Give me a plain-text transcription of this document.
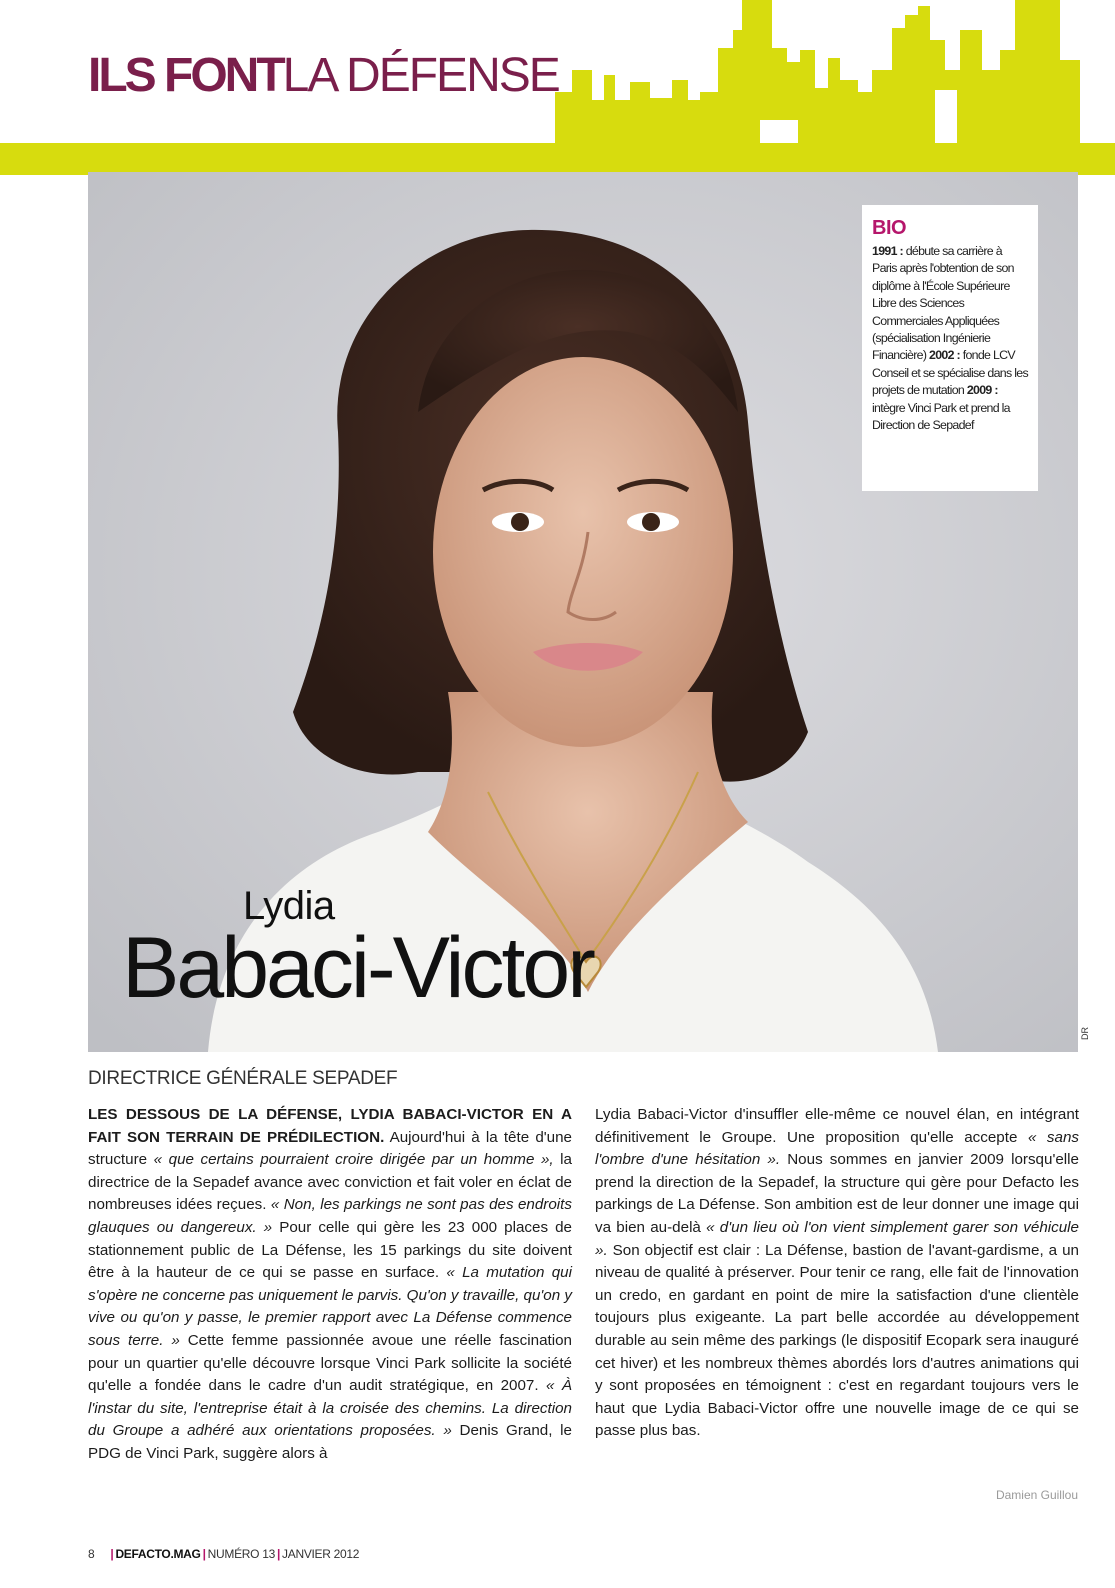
ILS FONTLA DÉFENSE
DR
BIO
1991 : débute sa carrière à Paris après l'obtention de son diplôme à l'École Supérieure Libre des Sciences Commerciales Appliquées (spécialisation Ingénierie Financière) 2002 : fonde LCV Conseil et se spécialise dans les projets de mutation 2009 : intègre Vinci Park et prend la Direction de Sepadef
Lydia
Babaci-Victor
DIRECTRICE GÉNÉRALE SEPADEF

LES DESSOUS DE LA DÉFENSE, LYDIA BABACI-VICTOR EN A FAIT SON TERRAIN DE PRÉDILECTION. Aujourd'hui à la tête d'une structure « que certains pourraient croire dirigée par un homme », la directrice de la Sepadef avance avec conviction et fait voler en éclat de nombreuses idées reçues. « Non, les parkings ne sont pas des endroits glauques ou dangereux. » Pour celle qui gère les 23 000 places de stationnement public de La Défense, les 15 parkings du site doivent être à la hauteur de ce qui se passe en surface. « La mutation qui s'opère ne concerne pas uniquement le parvis. Qu'on y travaille, qu'on y vive ou qu'on y passe, le premier rapport avec La Défense commence sous terre. » Cette femme passionnée avoue une réelle fascination pour un quartier qu'elle découvre lorsque Vinci Park sollicite la société qu'elle a fondée dans le cadre d'un audit stratégique, en 2007. « À l'instar du site, l'entreprise était à la croisée des chemins. La direction du Groupe a adhéré aux orientations proposées. » Denis Grand, le PDG de Vinci Park, suggère alors à

Lydia Babaci-Victor d'insuffler elle-même ce nouvel élan, en intégrant définitivement le Groupe. Une proposition qu'elle accepte « sans l'ombre d'une hésitation ». Nous sommes en janvier 2009 lorsqu'elle prend la direction de la Sepadef, la structure qui gère pour Defacto les parkings de La Défense. Son ambition est de leur donner une image qui va bien au-delà « d'un lieu où l'on vient simplement garer son véhicule ». Son objectif est clair : La Défense, bastion de l'avant-gardisme, a un niveau de qualité à préserver. Pour tenir ce rang, elle fait de l'innovation un credo, en gardant en point de mire la satisfaction d'une clientèle toujours plus exigeante. La part belle accordée au développement durable au sein même des parkings (le dispositif Ecopark sera inauguré cet hiver) et les nombreux thèmes abordés lors d'autres animations qui y sont proposées en témoignent : c'est en regardant toujours vers le haut que Lydia Babaci-Victor offre une nouvelle image de ce qui se passe plus bas.

Damien Guillou
8 | DEFACTO.MAG | NUMÉRO 13 | JANVIER 2012
